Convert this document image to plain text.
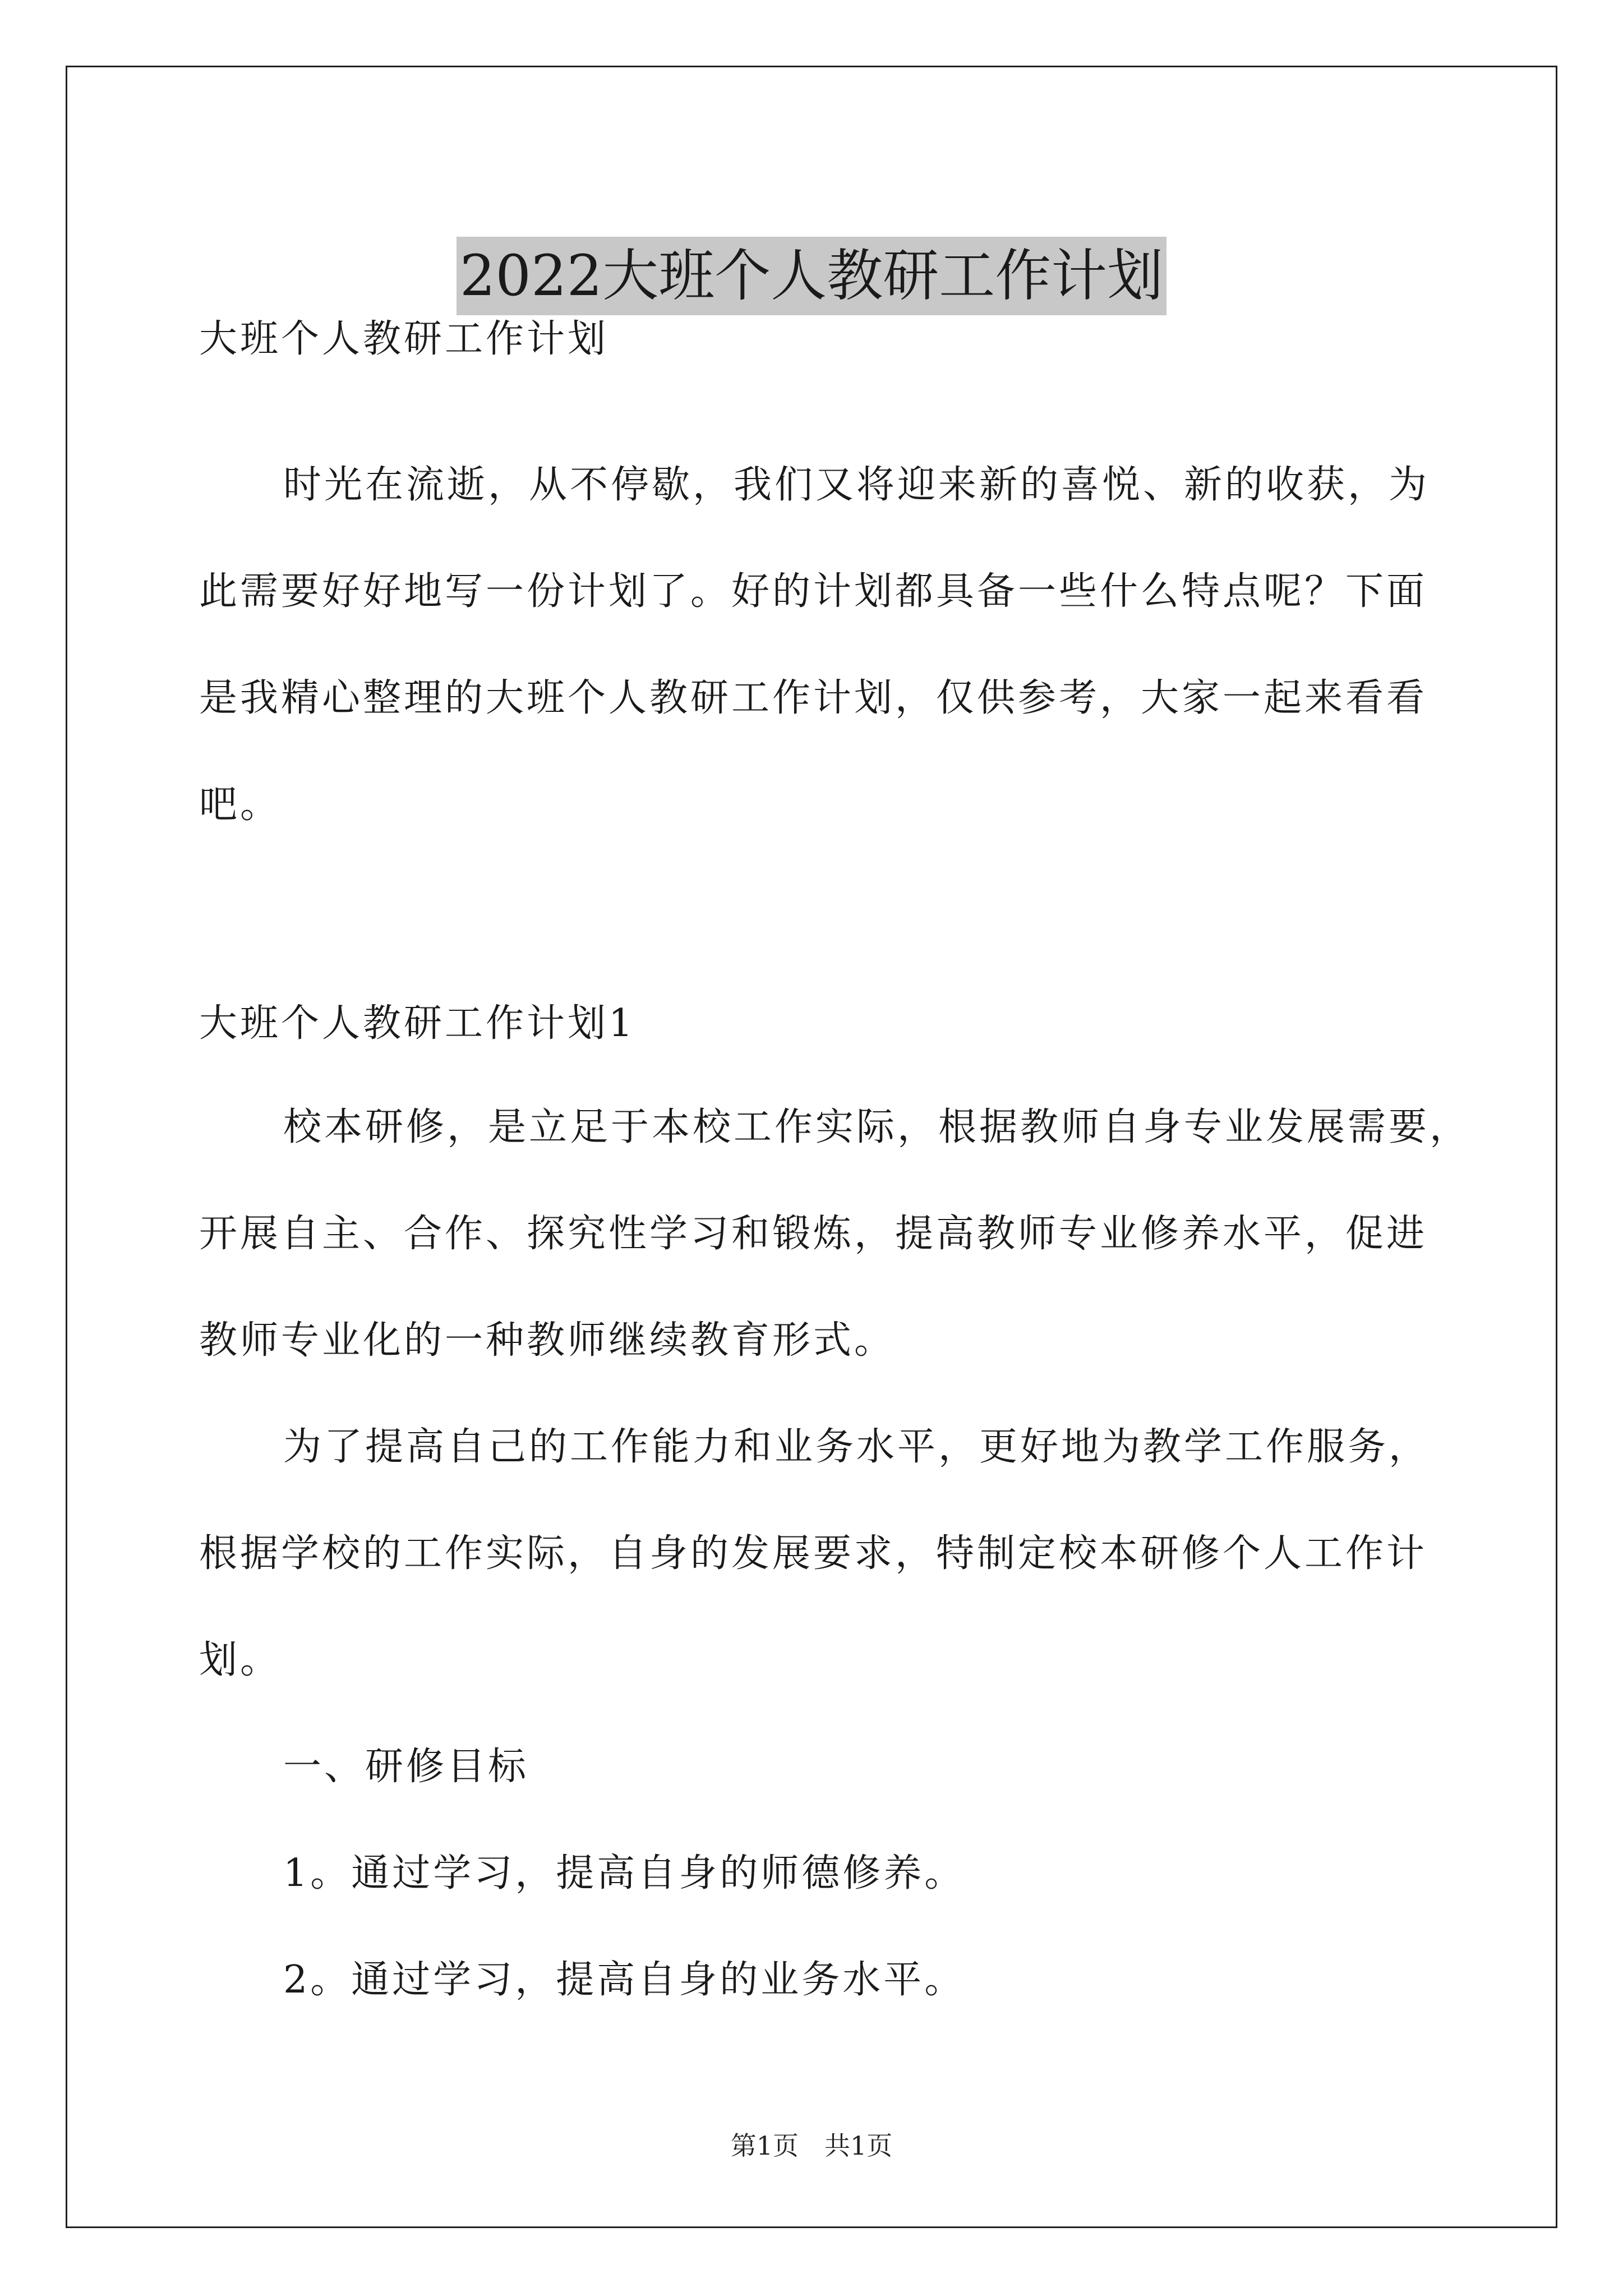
2022大班个人教研工作计划

大班个人教研工作计划

时光在流逝，从不停歇，我们又将迎来新的喜悦、新的收获，为

此需要好好地写一份计划了。好的计划都具备一些什么特点呢？下面

是我精心整理的大班个人教研工作计划，仅供参考，大家一起来看看

吧。

大班个人教研工作计划1

校本研修，是立足于本校工作实际，根据教师自身专业发展需要，

开展自主、合作、探究性学习和锻炼，提高教师专业修养水平，促进

教师专业化的一种教师继续教育形式。

为了提高自己的工作能力和业务水平，更好地为教学工作服务，

根据学校的工作实际，自身的发展要求，特制定校本研修个人工作计

划。

一、研修目标

1。通过学习，提高自身的师德修养。

2。通过学习，提高自身的业务水平。

第1页　共1页
